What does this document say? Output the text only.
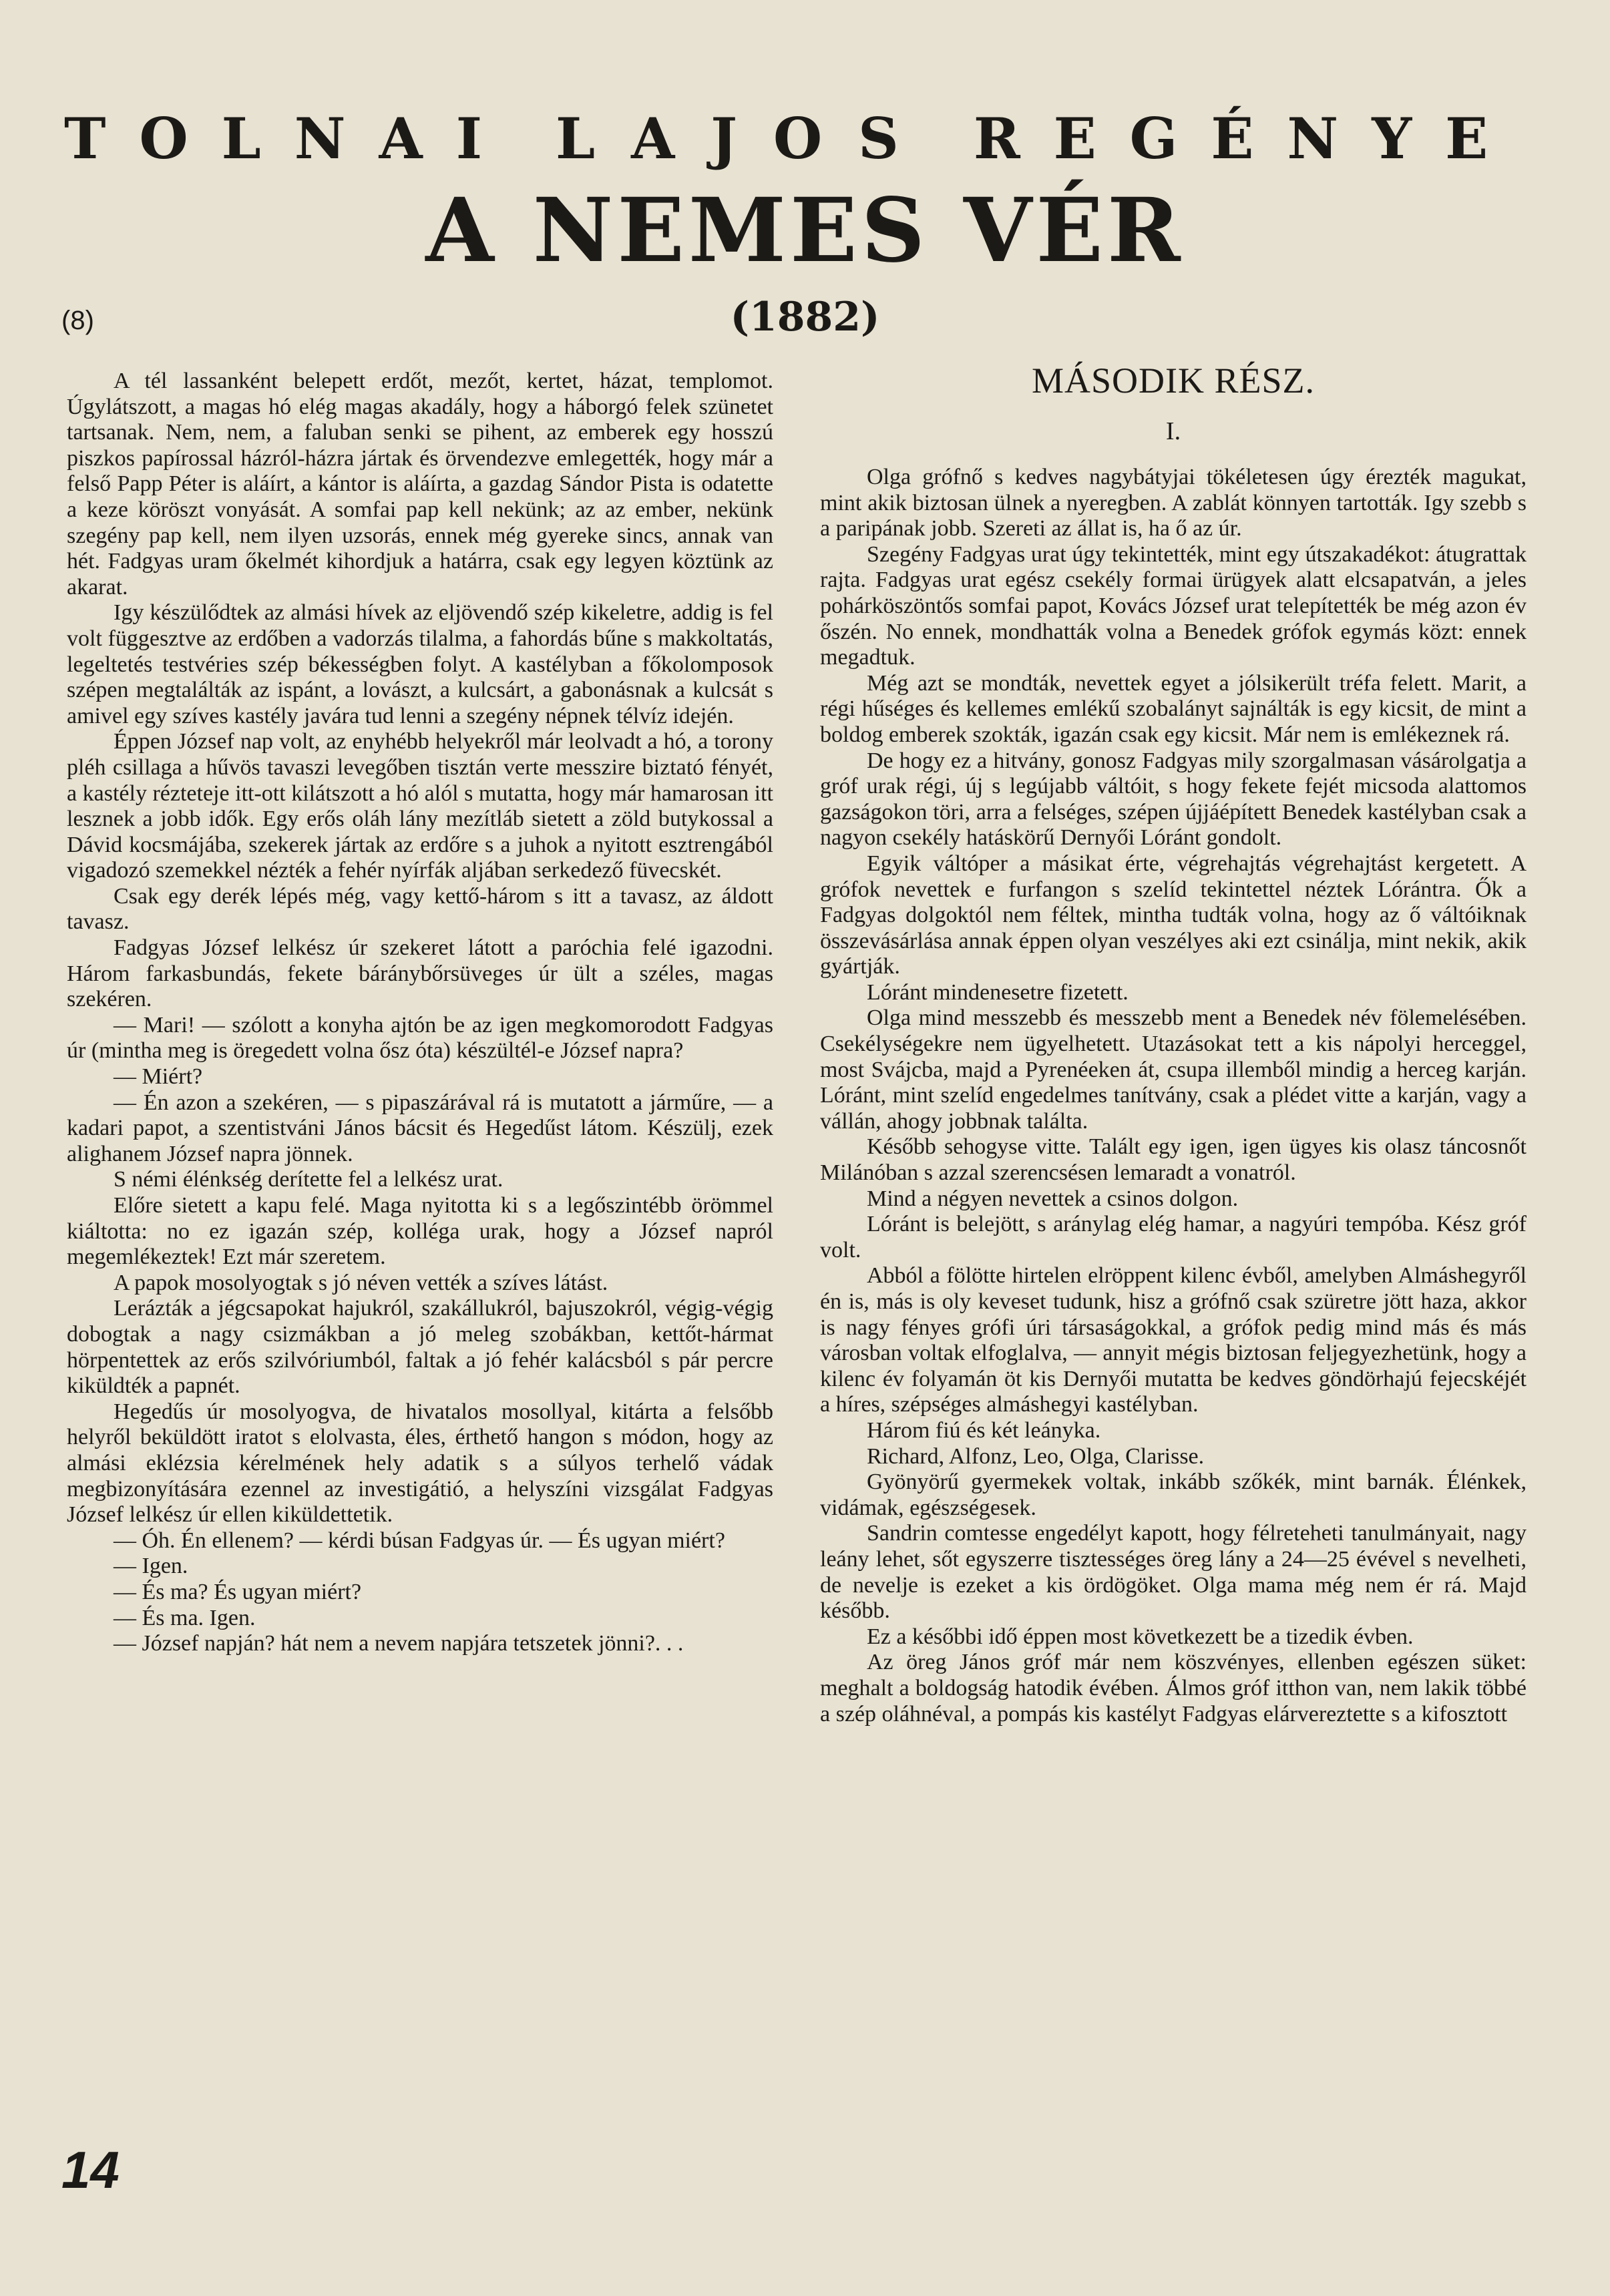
TOLNAI LAJOS REGÉNYE
A NEMES VÉR
(8)	(1882)

A tél lassanként belepett erdőt, mezőt, kertet, házat, templomot. Úgylátszott, a magas hó elég magas akadály, hogy a háborgó felek szünetet tartsanak. Nem, nem, a faluban senki se pihent, az emberek egy hosszú piszkos papírossal házról-házra jártak és örvendezve emlegették, hogy már a felső Papp Péter is aláírt, a kántor is aláírta, a gazdag Sándor Pista is odatette a keze köröszt vonyását. A somfai pap kell nekünk; az az ember, nekünk szegény pap kell, nem ilyen uzsorás, ennek még gyereke sincs, annak van hét. Fadgyas uram őkelmét kihordjuk a határra, csak egy legyen köztünk az akarat.

Igy készülődtek az almási hívek az eljövendő szép kikeletre, addig is fel volt függesztve az erdőben a vadorzás tilalma, a fahordás bűne s makkoltatás, legeltetés testvéries szép békességben folyt. A kastélyban a főkolomposok szépen megtalálták az ispánt, a lovászt, a kulcsárt, a gabonásnak a kulcsát s amivel egy szíves kastély javára tud lenni a szegény népnek télvíz idején.

Éppen József nap volt, az enyhébb helyekről már leolvadt a hó, a torony pléh csillaga a hűvös tavaszi levegőben tisztán verte messzire biztató fényét, a kastély rézteteje itt-ott kilátszott a hó alól s mutatta, hogy már hamarosan itt lesznek a jobb idők. Egy erős oláh lány mezítláb sietett a zöld butykossal a Dávid kocsmájába, szekerek jártak az erdőre s a juhok a nyitott esztrengából vigadozó szemekkel nézték a fehér nyírfák aljában serkedező füvecskét.

Csak egy derék lépés még, vagy kettő-három s itt a tavasz, az áldott tavasz.

Fadgyas József lelkész úr szekeret látott a paróchia felé igazodni. Három farkasbundás, fekete báránybőrsüveges úr ült a széles, magas szekéren.

— Mari! — szólott a konyha ajtón be az igen megkomorodott Fadgyas úr (mintha meg is öregedett volna ősz óta) készültél-e József napra?

— Miért?

— Én azon a szekéren, — s pipaszárával rá is mutatott a járműre, — a kadari papot, a szentistváni János bácsit és Hegedűst látom. Készülj, ezek alighanem József napra jönnek.

S némi élénkség derítette fel a lelkész urat.

Előre sietett a kapu felé. Maga nyitotta ki s a legőszintébb örömmel kiáltotta: no ez igazán szép, kolléga urak, hogy a József napról megemlékeztek! Ezt már szeretem.

A papok mosolyogtak s jó néven vették a szíves látást.

Lerázták a jégcsapokat hajukról, szakállukról, bajuszokról, végig-végig dobogtak a nagy csizmákban a jó meleg szobákban, kettőt-hármat hörpentettek az erős szilvóriumból, faltak a jó fehér kalácsból s pár percre kiküldték a papnét.

Hegedűs úr mosolyogva, de hivatalos mosollyal, kitárta a felsőbb helyről beküldött iratot s elolvasta, éles, érthető hangon s módon, hogy az almási eklézsia kérelmének hely adatik s a súlyos terhelő vádak megbizonyítására ezennel az investigátió, a helyszíni vizsgálat Fadgyas József lelkész úr ellen kiküldettetik.

— Óh. Én ellenem? — kérdi búsan Fadgyas úr. — És ugyan miért?

— Igen.

— És ma? És ugyan miért?

— És ma. Igen.

— József napján? hát nem a nevem napjára tetszetek jönni?. . .

MÁSODIK RÉSZ.
I.

Olga grófnő s kedves nagybátyjai tökéletesen úgy érezték magukat, mint akik biztosan ülnek a nyeregben. A zablát könnyen tartották. Igy szebb s a paripának jobb. Szereti az állat is, ha ő az úr.

Szegény Fadgyas urat úgy tekintették, mint egy útszakadékot: átugrattak rajta. Fadgyas urat egész csekély formai ürügyek alatt elcsapatván, a jeles pohárköszöntős somfai papot, Kovács József urat telepítették be még azon év őszén. No ennek, mondhatták volna a Benedek grófok egymás közt: ennek megadtuk.

Még azt se mondták, nevettek egyet a jólsikerült tréfa felett. Marit, a régi hűséges és kellemes emlékű szobalányt sajnálták is egy kicsit, de mint a boldog emberek szokták, igazán csak egy kicsit. Már nem is emlékeznek rá.

De hogy ez a hitvány, gonosz Fadgyas mily szorgalmasan vásárolgatja a gróf urak régi, új s legújabb váltóit, s hogy fekete fejét micsoda alattomos gazságokon töri, arra a felséges, szépen újjáépített Benedek kastélyban csak a nagyon csekély hatáskörű Dernyői Lóránt gondolt.

Egyik váltóper a másikat érte, végrehajtás végrehajtást kergetett. A grófok nevettek e furfangon s szelíd tekintettel néztek Lórántra. Ők a Fadgyas dolgoktól nem féltek, mintha tudták volna, hogy az ő váltóiknak összevásárlása annak éppen olyan veszélyes aki ezt csinálja, mint nekik, akik gyártják.

Lóránt mindenesetre fizetett.

Olga mind messzebb és messzebb ment a Benedek név fölemelésében. Csekélységekre nem ügyelhetett. Utazásokat tett a kis nápolyi herceggel, most Svájcba, majd a Pyrenéeken át, csupa illemből mindig a herceg karján. Lóránt, mint szelíd engedelmes tanítvány, csak a plédet vitte a karján, vagy a vállán, ahogy jobbnak találta.

Később sehogyse vitte. Talált egy igen, igen ügyes kis olasz táncosnőt Milánóban s azzal szerencsésen lemaradt a vonatról.

Mind a négyen nevettek a csinos dolgon.

Lóránt is belejött, s aránylag elég hamar, a nagyúri tempóba. Kész gróf volt.

Abból a fölötte hirtelen elröppent kilenc évből, amelyben Almáshegyről én is, más is oly keveset tudunk, hisz a grófnő csak szüretre jött haza, akkor is nagy fényes grófi úri társaságokkal, a grófok pedig mind más és más városban voltak elfoglalva, — annyit mégis biztosan feljegyezhetünk, hogy a kilenc év folyamán öt kis Dernyői mutatta be kedves göndörhajú fejecskéjét a híres, szépséges almáshegyi kastélyban.

Három fiú és két leányka.

Richard, Alfonz, Leo, Olga, Clarisse.

Gyönyörű gyermekek voltak, inkább szőkék, mint barnák. Élénkek, vidámak, egészségesek.

Sandrin comtesse engedélyt kapott, hogy félreteheti tanulmányait, nagy leány lehet, sőt egyszerre tisztességes öreg lány a 24—25 évével s nevelheti, de nevelje is ezeket a kis ördögöket. Olga mama még nem ér rá. Majd később.

Ez a későbbi idő éppen most következett be a tizedik évben.

Az öreg János gróf már nem köszvényes, ellenben egészen süket: meghalt a boldogság hatodik évében. Álmos gróf itthon van, nem lakik többé a szép oláhnéval, a pompás kis kastélyt Fadgyas elárvereztette s a kifosztott

14
